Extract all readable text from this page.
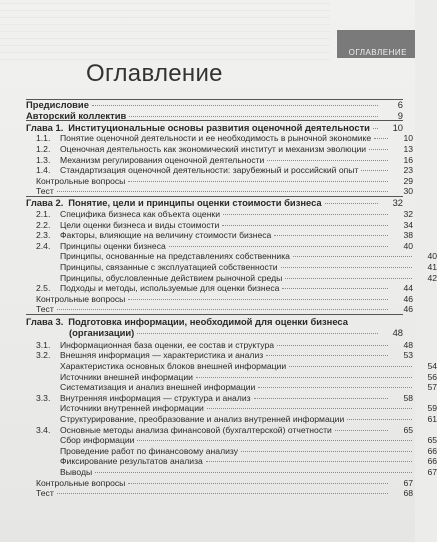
ОГЛАВЛЕНИЕ
Оглавление
Предисловие	6
Авторский коллектив	9
Глава 1. Институциональные основы развития оценочной деятельности	10
1.1.	Понятие оценочной деятельности и ее необходимость в рыночной экономике	10
1.2.	Оценочная деятельность как экономический институт и механизм эволюции	13
1.3.	Механизм регулирования оценочной деятельности	16
1.4.	Стандартизация оценочной деятельности: зарубежный и российский опыт	23
Контрольные вопросы	29
Тест	30
Глава 2. Понятие, цели и принципы оценки стоимости бизнеса	32
2.1.	Специфика бизнеса как объекта оценки	32
2.2.	Цели оценки бизнеса и виды стоимости	34
2.3.	Факторы, влияющие на величину стоимости бизнеса	38
2.4.	Принципы оценки бизнеса	40
Принципы, основанные на представлениях собственника	40
Принципы, связанные с эксплуатацией собственности	41
Принципы, обусловленные действием рыночной среды	42
2.5.	Подходы и методы, используемые для оценки бизнеса	44
Контрольные вопросы	46
Тест	46
Глава 3. Подготовка информации, необходимой для оценки бизнеса
(организации)	48
3.1.	Информационная база оценки, ее состав и структура	48
3.2.	Внешняя информация — характеристика и анализ	53
Характеристика основных блоков внешней информации	54
Источники внешней информации	56
Систематизация и анализ внешней информации	57
3.3.	Внутренняя информация — структура и анализ	58
Источники внутренней информации	59
Структурирование, преобразование и анализ внутренней информации	61
3.4.	Основные методы анализа финансовой (бухгалтерской) отчетности	65
Сбор информации	65
Проведение работ по финансовому анализу	66
Фиксирование результатов анализа	66
Выводы	67
Контрольные вопросы	67
Тест	68
